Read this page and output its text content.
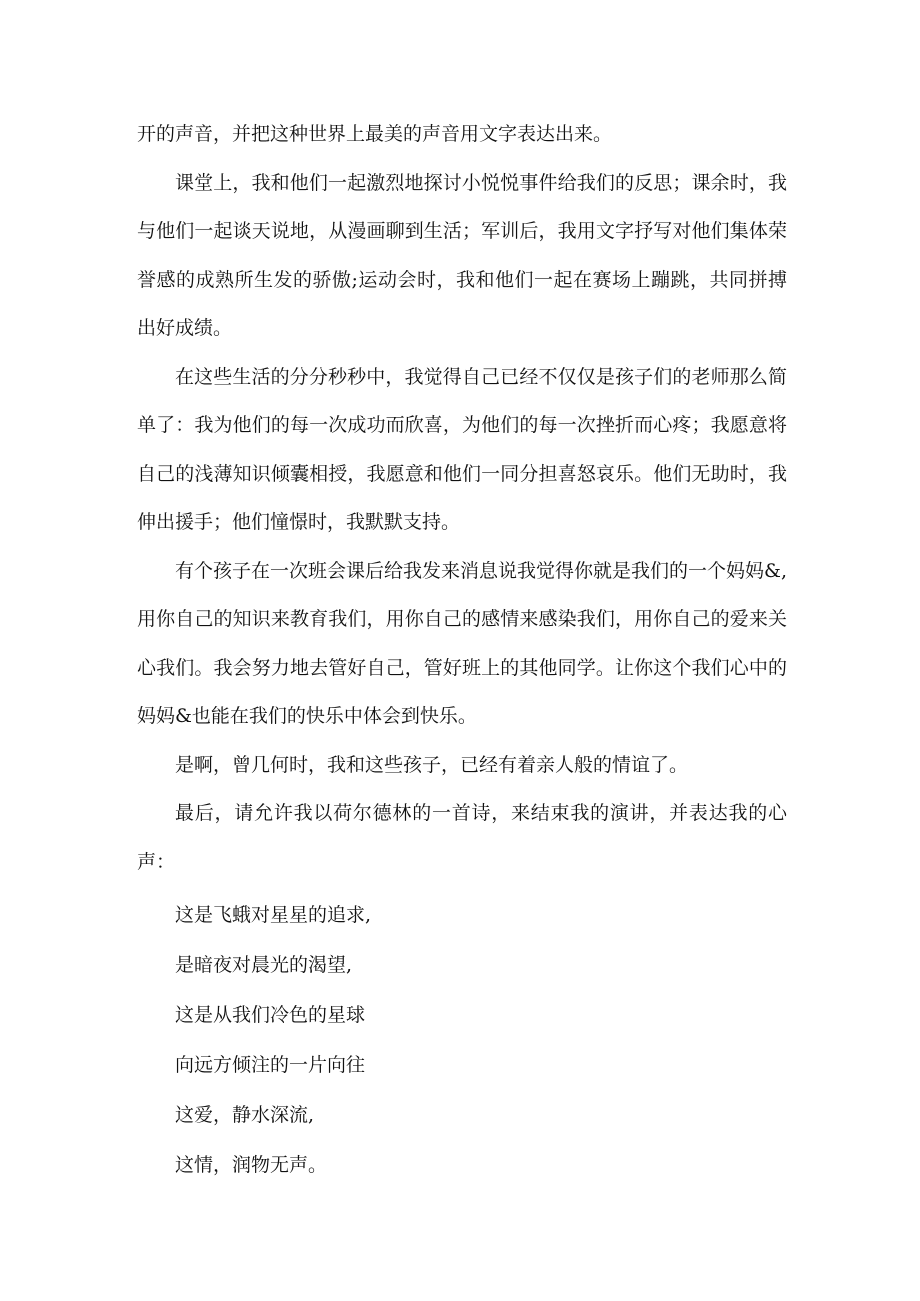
开的声音，并把这种世界上最美的声音用文字表达出来。

课堂上，我和他们一起激烈地探讨小悦悦事件给我们的反思；课余时，我与他们一起谈天说地，从漫画聊到生活；军训后，我用文字抒写对他们集体荣誉感的成熟所生发的骄傲;运动会时，我和他们一起在赛场上蹦跳，共同拼搏出好成绩。

在这些生活的分分秒秒中，我觉得自己已经不仅仅是孩子们的老师那么简单了：我为他们的每一次成功而欣喜，为他们的每一次挫折而心疼；我愿意将自己的浅薄知识倾囊相授，我愿意和他们一同分担喜怒哀乐。他们无助时，我伸出援手；他们憧憬时，我默默支持。

有个孩子在一次班会课后给我发来消息说我觉得你就是我们的一个妈妈&,用你自己的知识来教育我们，用你自己的感情来感染我们，用你自己的爱来关心我们。我会努力地去管好自己，管好班上的其他同学。让你这个我们心中的妈妈&也能在我们的快乐中体会到快乐。

是啊，曾几何时，我和这些孩子，已经有着亲人般的情谊了。

最后，请允许我以荷尔德林的一首诗，来结束我的演讲，并表达我的心声：

这是飞蛾对星星的追求,
是暗夜对晨光的渴望,
这是从我们冷色的星球
向远方倾注的一片向往
这爱，静水深流,
这情，润物无声。
